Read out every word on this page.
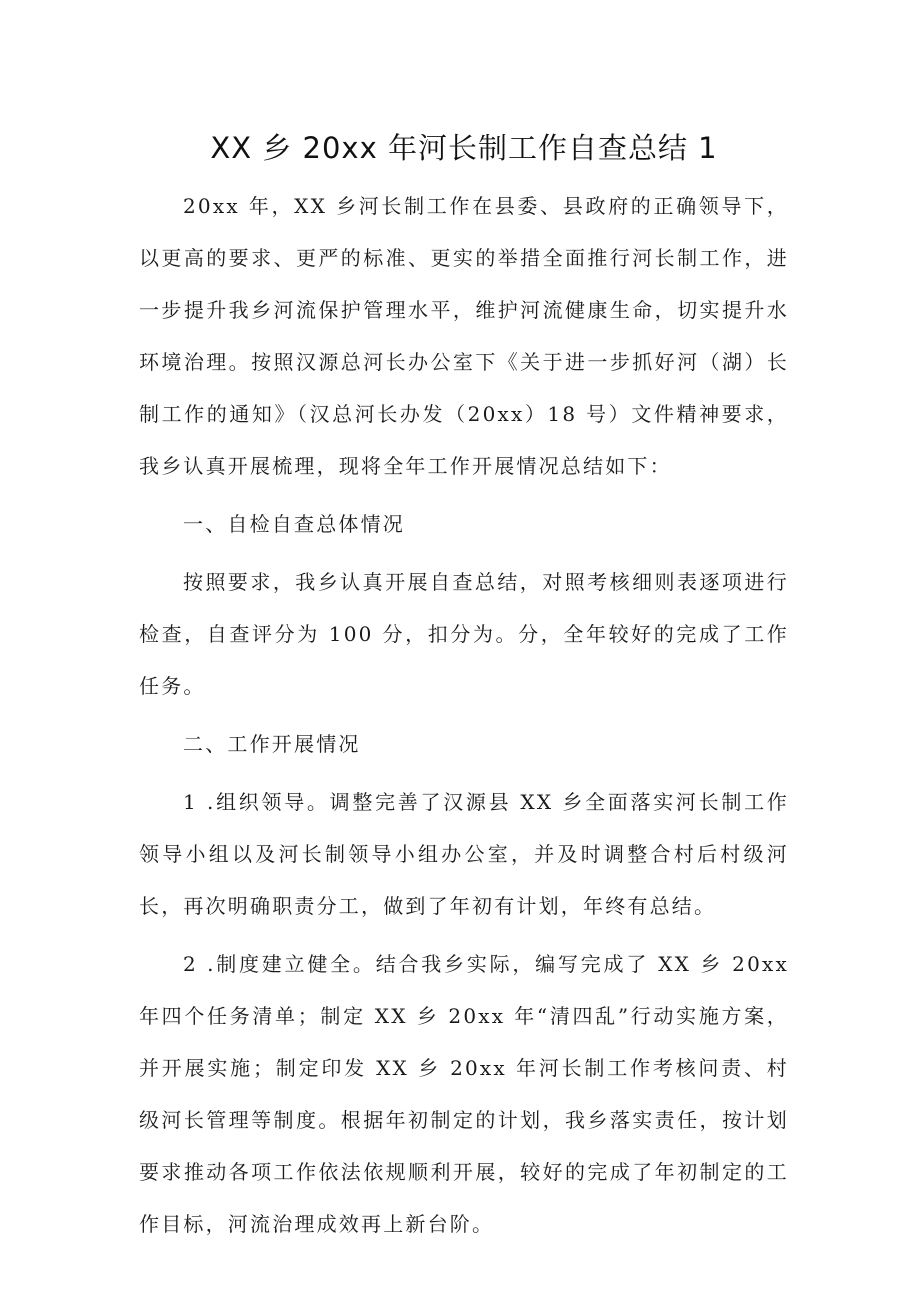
XX 乡 20xx 年河长制工作自查总结 1

20xx 年，XX 乡河长制工作在县委、县政府的正确领导下，以更高的要求、更严的标准、更实的举措全面推行河长制工作，进一步提升我乡河流保护管理水平，维护河流健康生命，切实提升水环境治理。按照汉源总河长办公室下《关于进一步抓好河（湖）长制工作的通知》（汉总河长办发（20xx）18 号）文件精神要求，我乡认真开展梳理，现将全年工作开展情况总结如下：

一、自检自查总体情况

按照要求，我乡认真开展自查总结，对照考核细则表逐项进行检查，自查评分为 100 分，扣分为。分，全年较好的完成了工作任务。

二、工作开展情况

1 .组织领导。调整完善了汉源县 XX 乡全面落实河长制工作领导小组以及河长制领导小组办公室，并及时调整合村后村级河长，再次明确职责分工，做到了年初有计划，年终有总结。

2 .制度建立健全。结合我乡实际，编写完成了 XX 乡 20xx 年四个任务清单；制定 XX 乡 20xx 年“清四乱”行动实施方案，并开展实施；制定印发 XX 乡 20xx 年河长制工作考核问责、村级河长管理等制度。根据年初制定的计划，我乡落实责任，按计划要求推动各项工作依法依规顺利开展，较好的完成了年初制定的工作目标，河流治理成效再上新台阶。
